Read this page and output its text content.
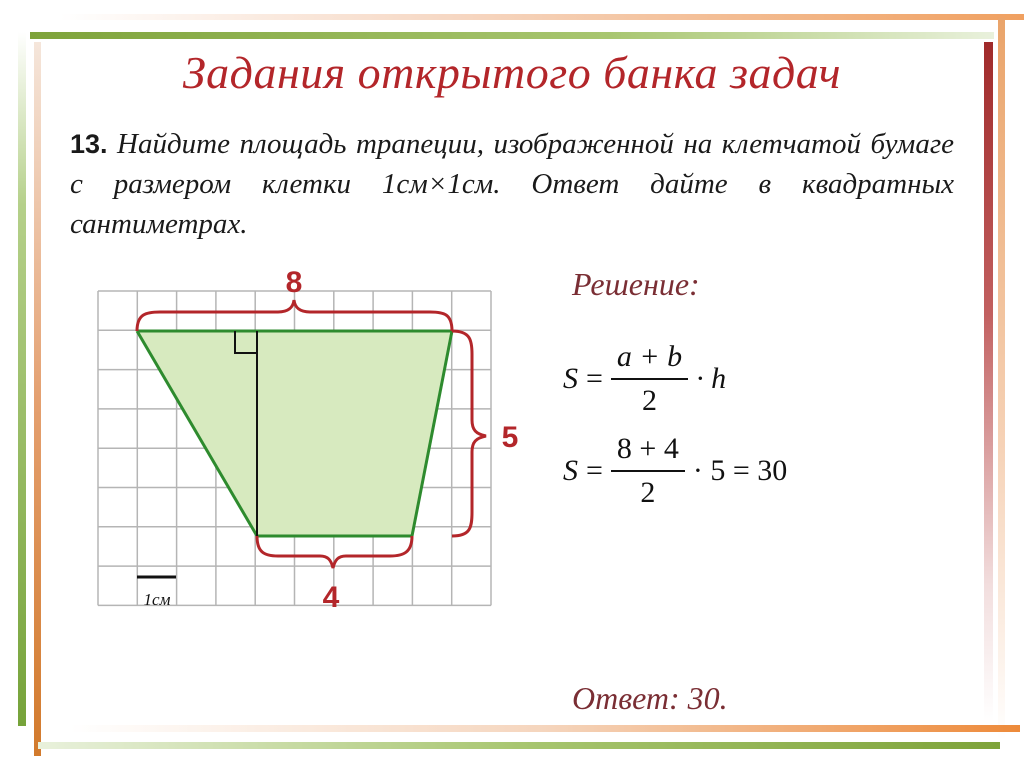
Задания открытого банка задач
13. Найдите площадь трапеции, изображенной на клетчатой бумаге с размером клетки 1см×1см. Ответ дайте в квадратных сантиметрах.
8
5
4
1см
Решение:
$S = \frac{a + b}{2} \cdot h$
$S = \frac{8 + 4}{2} \cdot 5 = 30$
Ответ: 30.
